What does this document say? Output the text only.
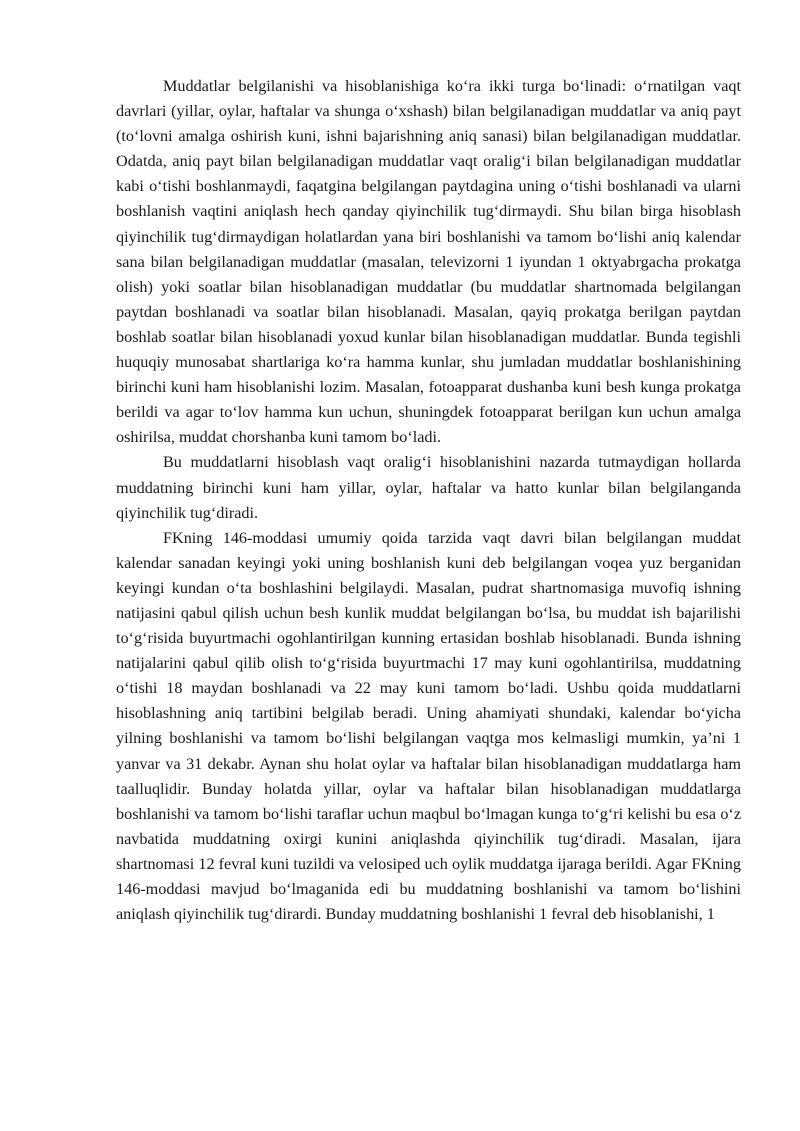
Muddatlar belgilanishi va hisoblanishiga ko‘ra ikki turga bo‘linadi: o‘rnatilgan vaqt davrlari (yillar, oylar, haftalar va shunga o‘xshash) bilan belgilanadigan muddatlar va aniq payt (to‘lovni amalga oshirish kuni, ishni bajarishning aniq sanasi) bilan belgilanadigan muddatlar. Odatda, aniq payt bilan belgilanadigan muddatlar vaqt oralig‘i bilan belgilanadigan muddatlar kabi o‘tishi boshlanmaydi, faqatgina belgilangan paytdagina uning o‘tishi boshlanadi va ularni boshlanish vaqtini aniqlash hech qanday qiyinchilik tug‘dirmaydi. Shu bilan birga hisoblash qiyinchilik tug‘dirmaydigan holatlardan yana biri boshlanishi va tamom bo‘lishi aniq kalendar sana bilan belgilanadigan muddatlar (masalan, televizorni 1 iyundan 1 oktyabrgacha prokatga olish) yoki soatlar bilan hisoblanadigan muddatlar (bu muddatlar shartnomada belgilangan paytdan boshlanadi va soatlar bilan hisoblanadi. Masalan, qayiq prokatga berilgan paytdan boshlab soatlar bilan hisoblanadi yoxud kunlar bilan hisoblanadigan muddatlar. Bunda tegishli huquqiy munosabat shartlariga ko‘ra hamma kunlar, shu jumladan muddatlar boshlanishining birinchi kuni ham hisoblanishi lozim. Masalan, fotoapparat dushanba kuni besh kunga prokatga berildi va agar to‘lov hamma kun uchun, shuningdek fotoapparat berilgan kun uchun amalga oshirilsa, muddat chorshanba kuni tamom bo‘ladi.

Bu muddatlarni hisoblash vaqt oralig‘i hisoblanishini nazarda tutmaydigan hollarda muddatning birinchi kuni ham yillar, oylar, haftalar va hatto kunlar bilan belgilanganda qiyinchilik tug‘diradi.

FKning 146-moddasi umumiy qoida tarzida vaqt davri bilan belgilangan muddat kalendar sanadan keyingi yoki uning boshlanish kuni deb belgilangan voqea yuz berganidan keyingi kundan o‘ta boshlashini belgilaydi. Masalan, pudrat shartnomasiga muvofiq ishning natijasini qabul qilish uchun besh kunlik muddat belgilangan bo‘lsa, bu muddat ish bajarilishi to‘g‘risida buyurtmachi ogohlantirilgan kunning ertasidan boshlab hisoblanadi. Bunda ishning natijalarini qabul qilib olish to‘g‘risida buyurtmachi 17 may kuni ogohlantirilsa, muddatning o‘tishi 18 maydan boshlanadi va 22 may kuni tamom bo‘ladi. Ushbu qoida muddatlarni hisoblashning aniq tartibini belgilab beradi. Uning ahamiyati shundaki, kalendar bo‘yicha yilning boshlanishi va tamom bo‘lishi belgilangan vaqtga mos kelmasligi mumkin, ya’ni 1 yanvar va 31 dekabr. Aynan shu holat oylar va haftalar bilan hisoblanadigan muddatlarga ham taalluqlidir. Bunday holatda yillar, oylar va haftalar bilan hisoblanadigan muddatlarga boshlanishi va tamom bo‘lishi taraflar uchun maqbul bo‘lmagan kunga to‘g‘ri kelishi bu esa o‘z navbatida muddatning oxirgi kunini aniqlashda qiyinchilik tug‘diradi. Masalan, ijara shartnomasi 12 fevral kuni tuzildi va velosiped uch oylik muddatga ijaraga berildi. Agar FKning 146-moddasi mavjud bo‘lmaganida edi bu muddatning boshlanishi va tamom bo‘lishini aniqlash qiyinchilik tug‘dirardi. Bunday muddatning boshlanishi 1 fevral deb hisoblanishi, 1
